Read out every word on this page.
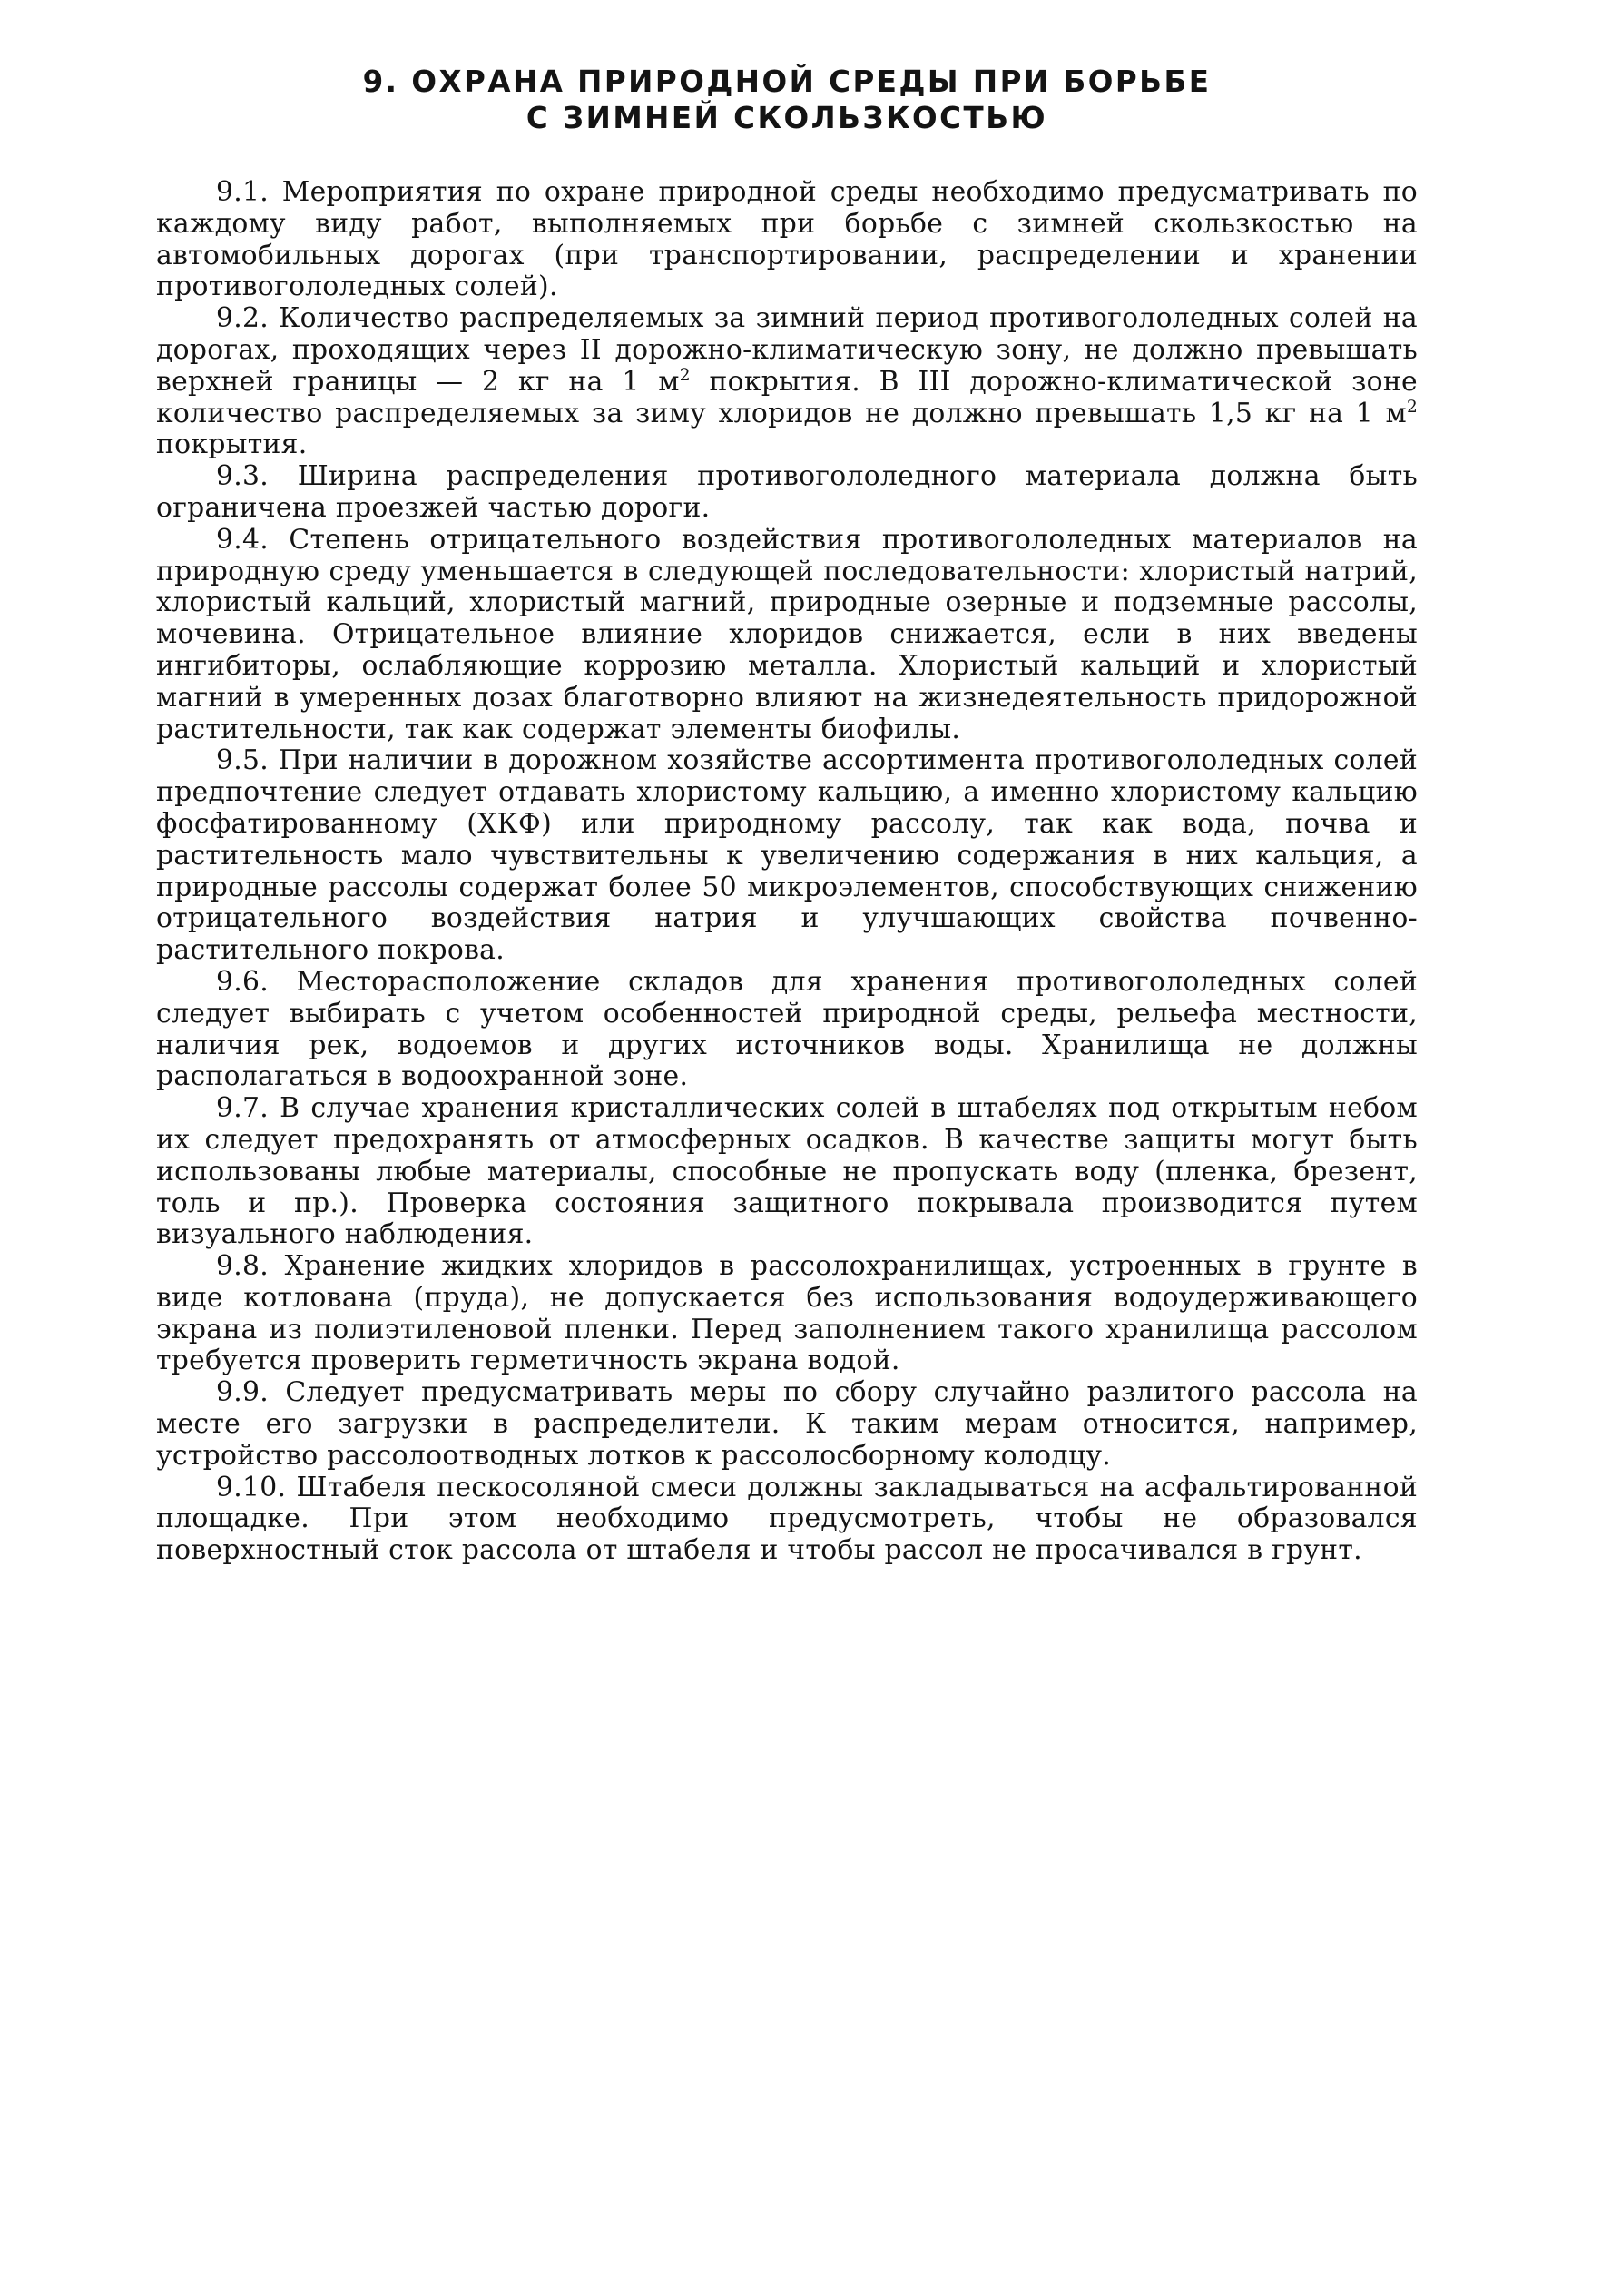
9. ОХРАНА ПРИРОДНОЙ СРЕДЫ ПРИ БОРЬБЕ
С ЗИМНЕЙ СКОЛЬЗКОСТЬЮ

9.1. Мероприятия по охране природной среды необходимо предусматривать по каждому виду работ, выполняемых при борьбе с зимней скользкостью на автомобильных дорогах (при транспортировании, распределении и хранении противогололедных солей).

9.2. Количество распределяемых за зимний период противогололедных солей на дорогах, проходящих через II дорожно-климатическую зону, не должно превышать верхней границы — 2 кг на 1 $м^2$ покрытия. В III дорожно-климатической зоне количество распределяемых за зиму хлоридов не должно превышать 1,5 кг на 1 $м^2$ покрытия.

9.3. Ширина распределения противогололедного материала должна быть ограничена проезжей частью дороги.

9.4. Степень отрицательного воздействия противогололедных материалов на природную среду уменьшается в следующей последовательности: хлористый натрий, хлористый кальций, хлористый магний, природные озерные и подземные рассолы, мочевина. Отрицательное влияние хлоридов снижается, если в них введены ингибиторы, ослабляющие коррозию металла. Хлористый кальций и хлористый магний в умеренных дозах благотворно влияют на жизнедеятельность придорожной растительности, так как содержат элементы биофилы.

9.5. При наличии в дорожном хозяйстве ассортимента противогололедных солей предпочтение следует отдавать хлористому кальцию, а именно хлористому кальцию фосфатированному (ХКФ) или природному рассолу, так как вода, почва и растительность мало чувствительны к увеличению содержания в них кальция, а природные рассолы содержат более 50 микроэлементов, способствующих снижению отрицательного воздействия натрия и улучшающих свойства почвенно-растительного покрова.

9.6. Месторасположение складов для хранения противогололедных солей следует выбирать с учетом особенностей природной среды, рельефа местности, наличия рек, водоемов и других источников воды. Хранилища не должны располагаться в водоохранной зоне.

9.7. В случае хранения кристаллических солей в штабелях под открытым небом их следует предохранять от атмосферных осадков. В качестве защиты могут быть использованы любые материалы, способные не пропускать воду (пленка, брезент, толь и пр.). Проверка состояния защитного покрывала производится путем визуального наблюдения.

9.8. Хранение жидких хлоридов в рассолохранилищах, устроенных в грунте в виде котлована (пруда), не допускается без использования водоудерживающего экрана из полиэтиленовой пленки. Перед заполнением такого хранилища рассолом требуется проверить герметичность экрана водой.

9.9. Следует предусматривать меры по сбору случайно разлитого рассола на месте его загрузки в распределители. К таким мерам относится, например, устройство рассолоотводных лотков к рассолосборному колодцу.

9.10. Штабеля пескосоляной смеси должны закладываться на асфальтированной площадке. При этом необходимо предусмотреть, чтобы не образовался поверхностный сток рассола от штабеля и чтобы рассол не просачивался в грунт.
